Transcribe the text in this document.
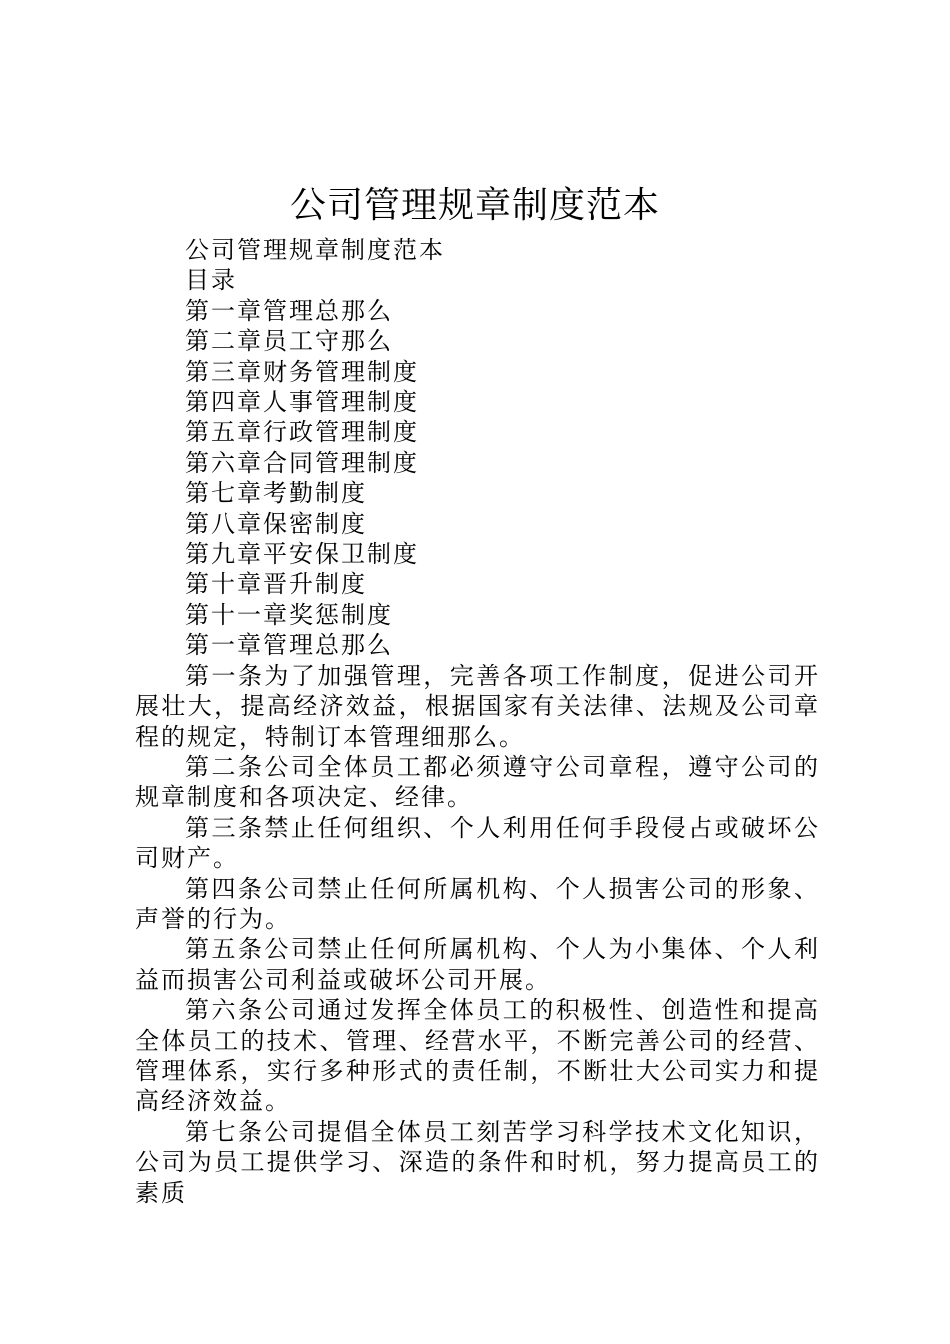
公司管理规章制度范本
公司管理规章制度范本
目录
第一章管理总那么
第二章员工守那么
第三章财务管理制度
第四章人事管理制度
第五章行政管理制度
第六章合同管理制度
第七章考勤制度
第八章保密制度
第九章平安保卫制度
第十章晋升制度
第十一章奖惩制度
第一章管理总那么

第一条为了加强管理，完善各项工作制度，促进公司开展壮大，提高经济效益，根据国家有关法律、法规及公司章程的规定，特制订本管理细那么。

第二条公司全体员工都必须遵守公司章程，遵守公司的规章制度和各项决定、经律。

第三条禁止任何组织、个人利用任何手段侵占或破坏公司财产。

第四条公司禁止任何所属机构、个人损害公司的形象、声誉的行为。

第五条公司禁止任何所属机构、个人为小集体、个人利益而损害公司利益或破坏公司开展。

第六条公司通过发挥全体员工的积极性、创造性和提高全体员工的技术、管理、经营水平，不断完善公司的经营、管理体系，实行多种形式的责任制，不断壮大公司实力和提高经济效益。

第七条公司提倡全体员工刻苦学习科学技术文化知识，公司为员工提供学习、深造的条件和时机，努力提高员工的素质
